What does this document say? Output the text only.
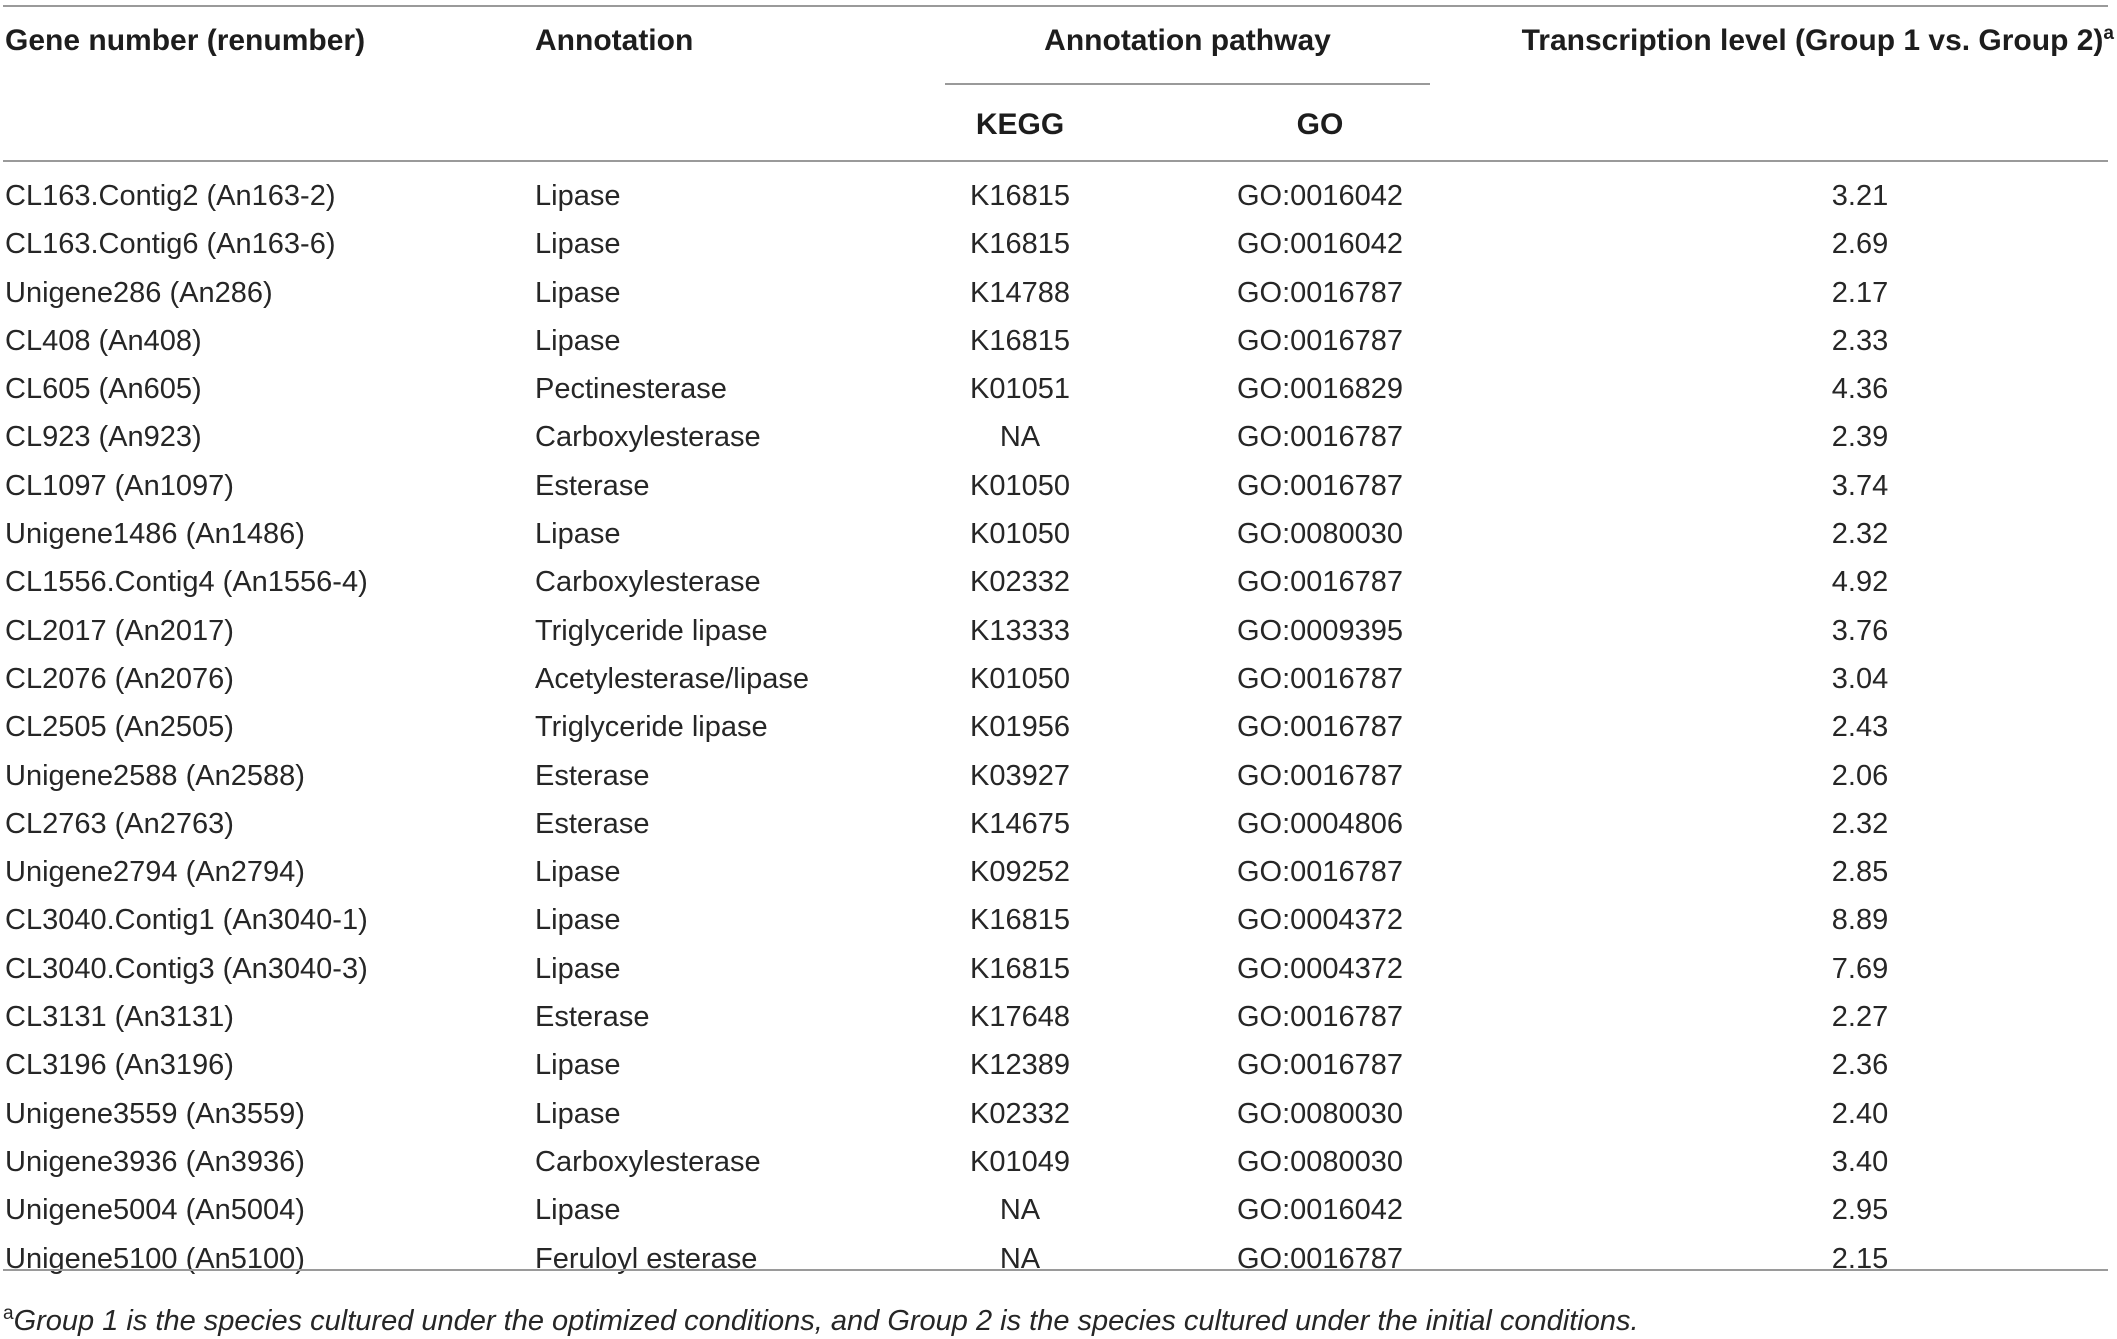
Gene number (renumber)	Annotation	Annotation pathway
KEGG	GO
Transcription level (Group 1 vs. Group 2)$^a$
CL163.Contig2 (An163-2)	Lipase	K16815	GO:0016042	3.21
CL163.Contig6 (An163-6)	Lipase	K16815	GO:0016042	2.69
Unigene286 (An286)	Lipase	K14788	GO:0016787	2.17
CL408 (An408)	Lipase	K16815	GO:0016787	2.33
CL605 (An605)	Pectinesterase	K01051	GO:0016829	4.36
CL923 (An923)	Carboxylesterase	NA	GO:0016787	2.39
CL1097 (An1097)	Esterase	K01050	GO:0016787	3.74
Unigene1486 (An1486)	Lipase	K01050	GO:0080030	2.32
CL1556.Contig4 (An1556-4)	Carboxylesterase	K02332	GO:0016787	4.92
CL2017 (An2017)	Triglyceride lipase	K13333	GO:0009395	3.76
CL2076 (An2076)	Acetylesterase/lipase	K01050	GO:0016787	3.04
CL2505 (An2505)	Triglyceride lipase	K01956	GO:0016787	2.43
Unigene2588 (An2588)	Esterase	K03927	GO:0016787	2.06
CL2763 (An2763)	Esterase	K14675	GO:0004806	2.32
Unigene2794 (An2794)	Lipase	K09252	GO:0016787	2.85
CL3040.Contig1 (An3040-1)	Lipase	K16815	GO:0004372	8.89
CL3040.Contig3 (An3040-3)	Lipase	K16815	GO:0004372	7.69
CL3131 (An3131)	Esterase	K17648	GO:0016787	2.27
CL3196 (An3196)	Lipase	K12389	GO:0016787	2.36
Unigene3559 (An3559)	Lipase	K02332	GO:0080030	2.40
Unigene3936 (An3936)	Carboxylesterase	K01049	GO:0080030	3.40
Unigene5004 (An5004)	Lipase	NA	GO:0016042	2.95
Unigene5100 (An5100)	Feruloyl esterase	NA	GO:0016787	2.15
$^a$Group 1 is the species cultured under the optimized conditions, and Group 2 is the species cultured under the initial conditions.
